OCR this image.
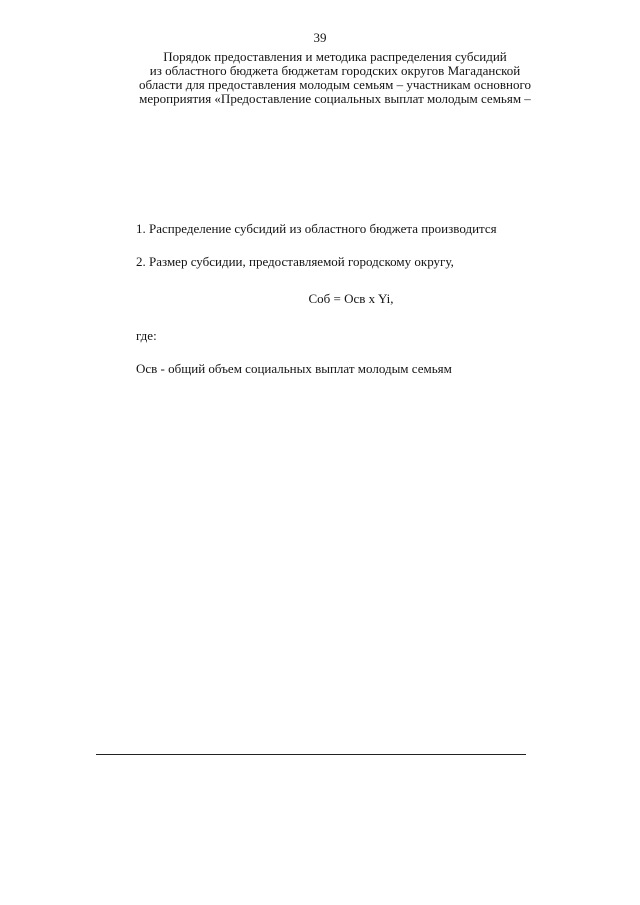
39
Порядок предоставления и методика распределения субсидий
из областного бюджета бюджетам городских округов Магаданской
области для предоставления молодым семьям – участникам основного
мероприятия «Предоставление социальных выплат молодым семьям –

1. Распределение субсидий из областного бюджета производится

2. Размер субсидии, предоставляемой городскому округу,

Соб = Осв x Yi,

где:

Осв - общий объем социальных выплат молодым семьям
